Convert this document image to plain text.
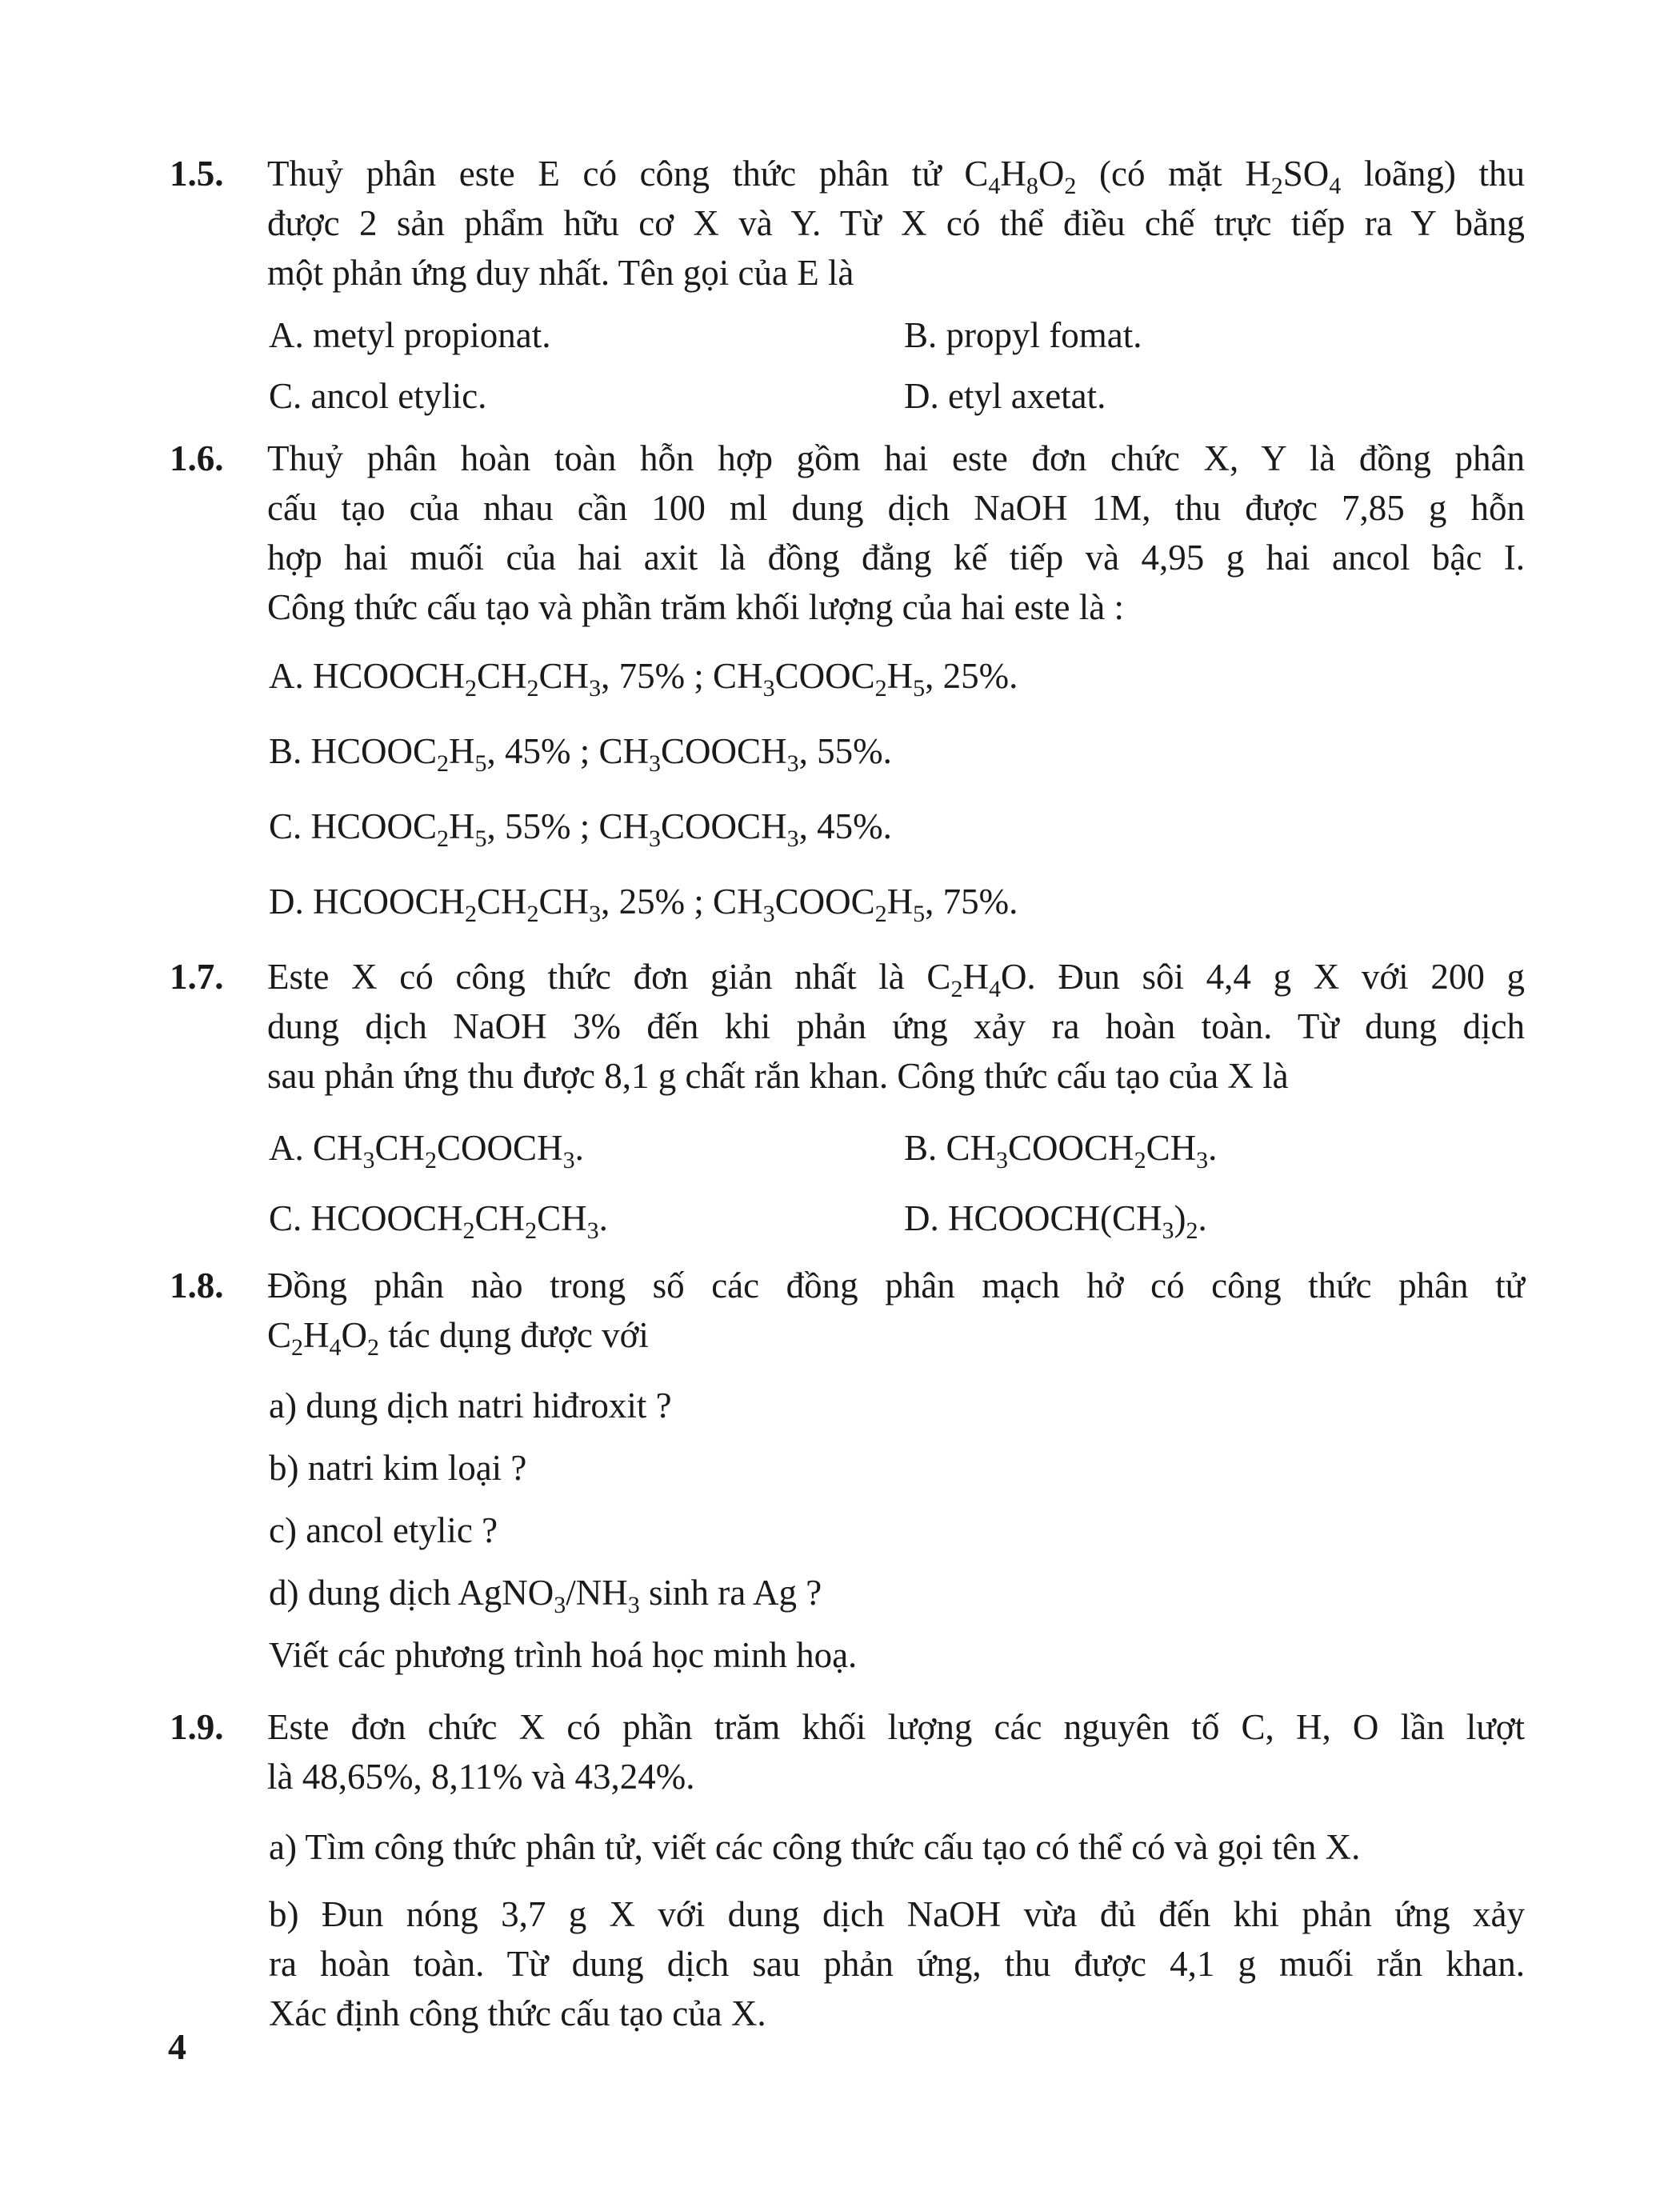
1.5. Thuỷ phân este E có công thức phân tử $C_4H_8O_2$ (có mặt $H_2SO_4$ loãng) thu
được 2 sản phẩm hữu cơ X và Y. Từ X có thể điều chế trực tiếp ra Y bằng
một phản ứng duy nhất. Tên gọi của E là
A. metyl propionat.	B. propyl fomat.
C. ancol etylic.	D. etyl axetat.
1.6. Thuỷ phân hoàn toàn hỗn hợp gồm hai este đơn chức X, Y là đồng phân
cấu tạo của nhau cần 100 ml dung dịch NaOH 1M, thu được 7,85 g hỗn
hợp hai muối của hai axit là đồng đẳng kế tiếp và 4,95 g hai ancol bậc I.
Công thức cấu tạo và phần trăm khối lượng của hai este là :
A. $HCOOCH_2CH_2CH_3$, 75% ; $CH_3COOC_2H_5$, 25%.
B. $HCOOC_2H_5$, 45% ; $CH_3COOCH_3$, 55%.
C. $HCOOC_2H_5$, 55% ; $CH_3COOCH_3$, 45%.
D. $HCOOCH_2CH_2CH_3$, 25% ; $CH_3COOC_2H_5$, 75%.
1.7. Este X có công thức đơn giản nhất là $C_2H_4O$. Đun sôi 4,4 g X với 200 g
dung dịch NaOH 3% đến khi phản ứng xảy ra hoàn toàn. Từ dung dịch
sau phản ứng thu được 8,1 g chất rắn khan. Công thức cấu tạo của X là
A. $CH_3CH_2COOCH_3$.	B. $CH_3COOCH_2CH_3$.
C. $HCOOCH_2CH_2CH_3$.	D. $HCOOCH(CH_3)_2$.
1.8. Đồng phân nào trong số các đồng phân mạch hở có công thức phân tử
$C_2H_4O_2$ tác dụng được với
a) dung dịch natri hiđroxit ?
b) natri kim loại ?
c) ancol etylic ?
d) dung dịch $AgNO_3/NH_3$ sinh ra Ag ?
Viết các phương trình hoá học minh hoạ.
1.9. Este đơn chức X có phần trăm khối lượng các nguyên tố C, H, O lần lượt
là 48,65%, 8,11% và 43,24%.
a) Tìm công thức phân tử, viết các công thức cấu tạo có thể có và gọi tên X.
b) Đun nóng 3,7 g X với dung dịch NaOH vừa đủ đến khi phản ứng xảy
ra hoàn toàn. Từ dung dịch sau phản ứng, thu được 4,1 g muối rắn khan.
Xác định công thức cấu tạo của X.
4
